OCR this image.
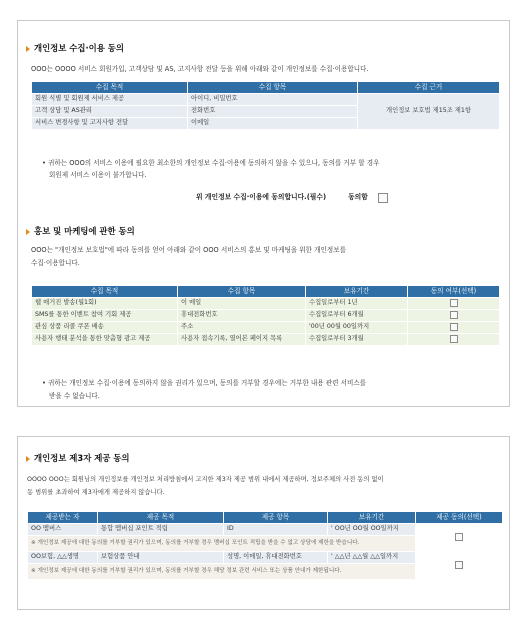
개인정보 수집·이용 동의
OOO는 OOOO 서비스 회원가입, 고객상담 및 AS, 고지사항 전달 등을 위해 아래와 같이 개인정보를 수집·이용합니다.
수집 목적	수집 항목	수집 근거
회원 식별 및 회원제 서비스 제공	아이디, 비밀번호	개인정보 보호법 제15조 제1항
고객 상담 및 AS관리	전화번호	
서비스 변경사항 및 고지사항 전달	이메일	
• 귀하는 OOO의 서비스 이용에 필요한 최소한의 개인정보 수집·이용에 동의하지 않을 수 있으나, 동의를 거부 할 경우
회원제 서비스 이용이 불가합니다.
위 개인정보 수집·이용에 동의합니다.(필수)	동의함
홍보 및 마케팅에 관한 동의
OOO는 "개인정보 보호법"에 따라 동의를 얻어 아래와 같이 OOO 서비스의 홍보 및 마케팅을 위한 개인정보를
수집·이용합니다.
수집 목적	수집 항목	보유기간	동의 여부(선택)
웹 매거진 발송(월1회)	이 메일	수집일로부터 1년	
SMS를 통한 이벤트 참여 기회 제공	휴대전화번호	수집일로부터 6개월	
관심 상품 리콜 쿠폰 배송	주소	'00년 00월 00일까지	
사용자 행태 분석을 통한 맞춤형 광고 제공	사용자 접속기록, 열어본 페이지 목록	수집일로부터 3개월	
• 귀하는 개인정보 수집·이용에 동의하지 않을 권리가 있으며, 동의를 거부할 경우에는 거부한 내용 관련 서비스를
받을 수 없습니다.
개인정보 제3자 제공 동의
OOOO OOO는 회원님의 개인정보를 개인정보 처리방침에서 고지한 제3자 제공 범위 내에서 제공하며, 정보주체의 사전 동의 없이
동 범위를 초과하여 제3자에게 제공하지 않습니다.
제공받는 자	제공 목적	제공 항목	보유기간	제공 동의(선택)
OO 멤버스	통합 멤버십 포인트 적립	ID	' OO년 OO월 OO일까지	
※ 개인정보 제공에 대한 동의를 거부할 권리가 있으며, 동의를 거부할 경우 멤버십 포인트 적립을 받을 수 없고 상담에 제한을 받습니다.				
OO보험, △△생명	보험상품 안내	성명, 이메일, 휴대전화번호	' △△년 △△월 △△일까지	
※ 개인정보 제공에 대한 동의를 거부할 권리가 있으며, 동의를 거부할 경우 해당 정보 관련 서비스 또는 상품 안내가 제한됩니다.				
